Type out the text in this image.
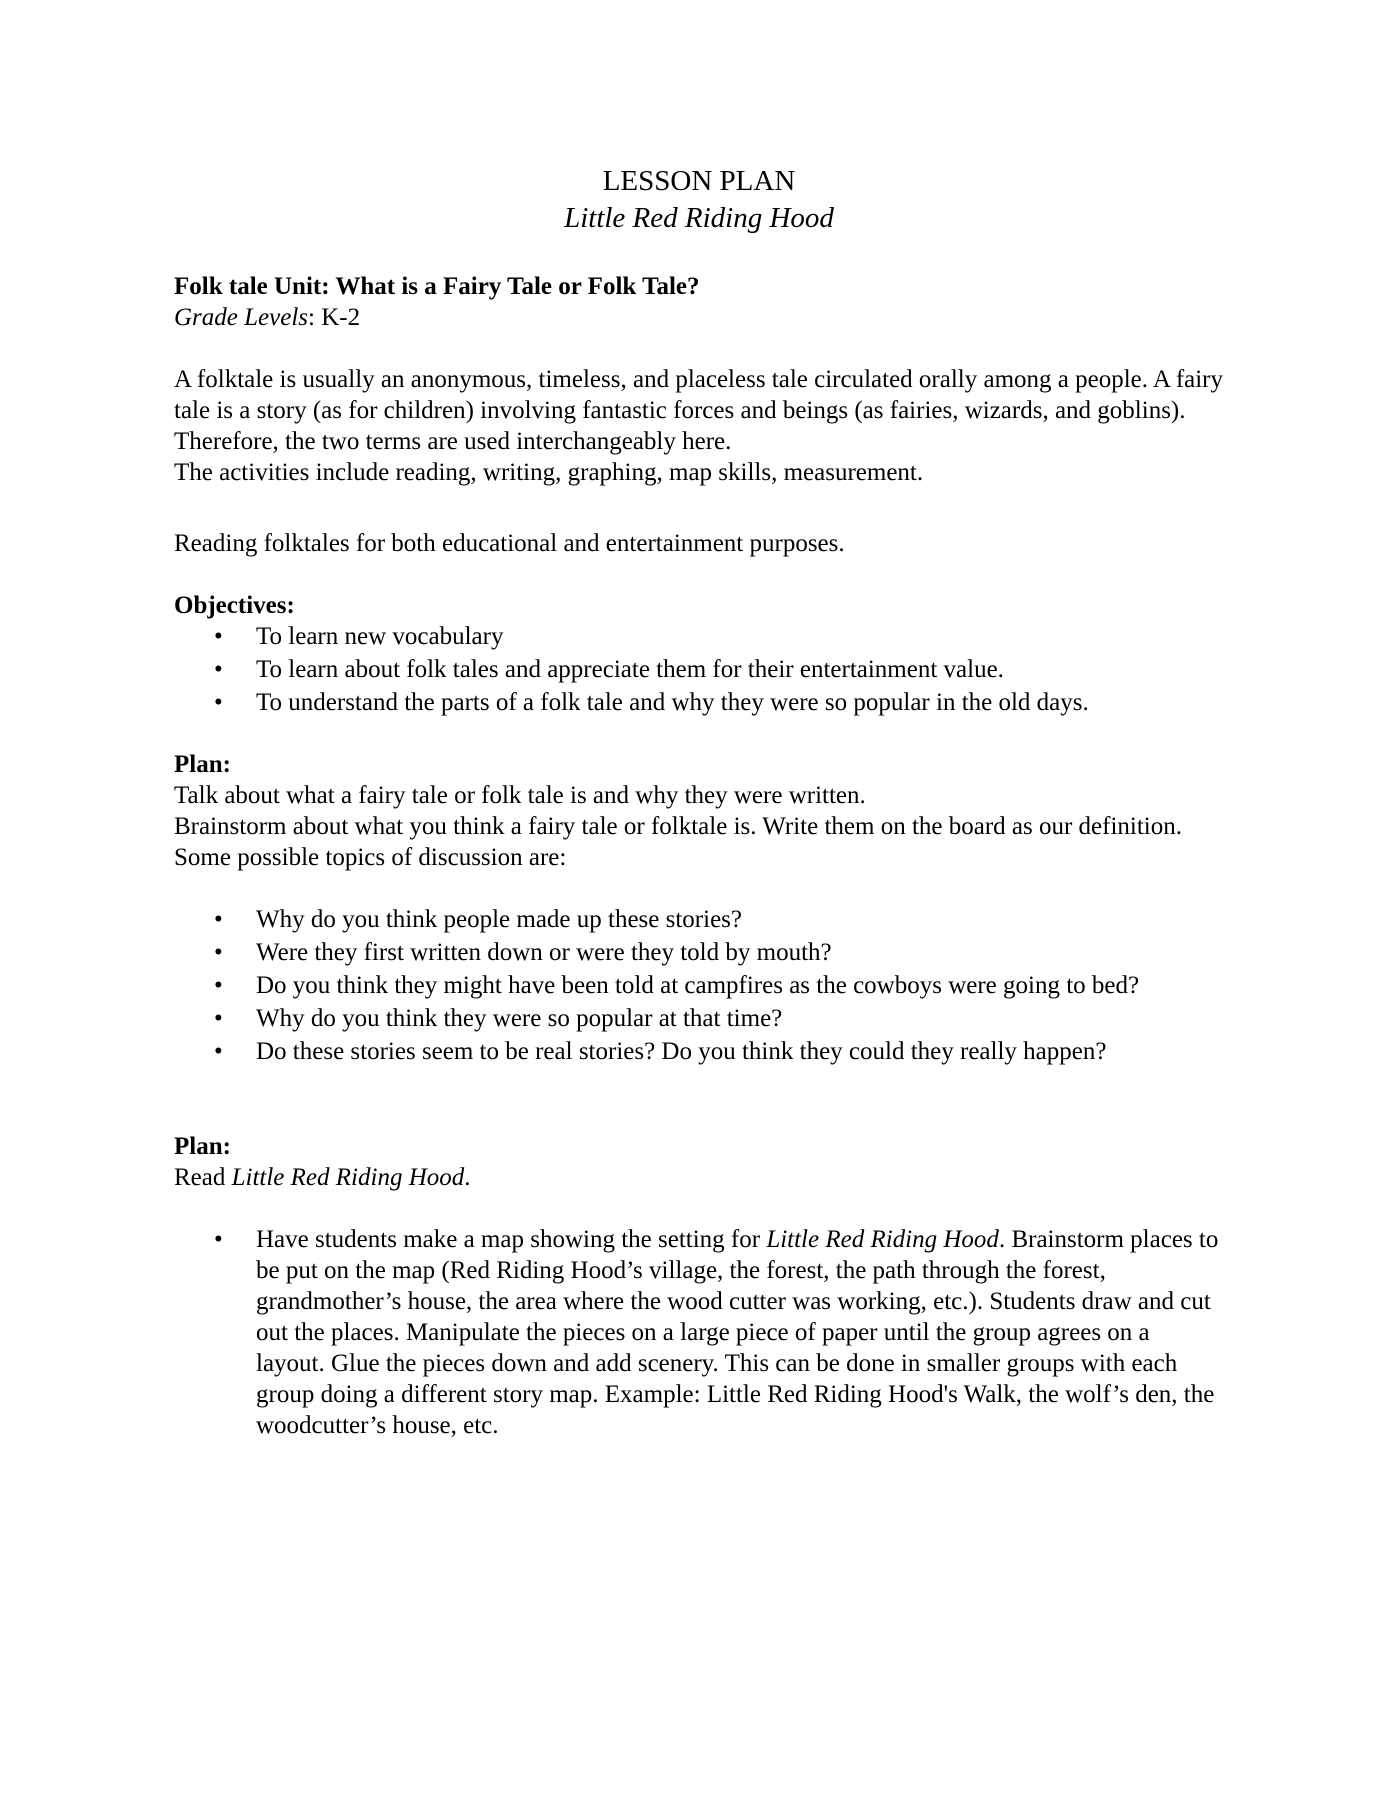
LESSON PLAN
Little Red Riding Hood

Folk tale Unit: What is a Fairy Tale or Folk Tale?

Grade Levels: K-2

A folktale is usually an anonymous, timeless, and placeless tale circulated orally among a people. A fairy tale is a story (as for children) involving fantastic forces and beings (as fairies, wizards, and goblins). Therefore, the two terms are used interchangeably here.

The activities include reading, writing, graphing, map skills, measurement.

Reading folktales for both educational and entertainment purposes.

Objectives:

• To learn new vocabulary
• To learn about folk tales and appreciate them for their entertainment value.
• To understand the parts of a folk tale and why they were so popular in the old days.

Plan:

Talk about what a fairy tale or folk tale is and why they were written.

Brainstorm about what you think a fairy tale or folktale is. Write them on the board as our definition. Some possible topics of discussion are:

• Why do you think people made up these stories?
• Were they first written down or were they told by mouth?
• Do you think they might have been told at campfires as the cowboys were going to bed?
• Why do you think they were so popular at that time?
• Do these stories seem to be real stories? Do you think they could they really happen?

Plan:

Read Little Red Riding Hood.

• Have students make a map showing the setting for Little Red Riding Hood. Brainstorm places to be put on the map (Red Riding Hood’s village, the forest, the path through the forest, grandmother’s house, the area where the wood cutter was working, etc.). Students draw and cut out the places. Manipulate the pieces on a large piece of paper until the group agrees on a layout. Glue the pieces down and add scenery. This can be done in smaller groups with each group doing a different story map. Example: Little Red Riding Hood's Walk, the wolf’s den, the woodcutter’s house, etc.
